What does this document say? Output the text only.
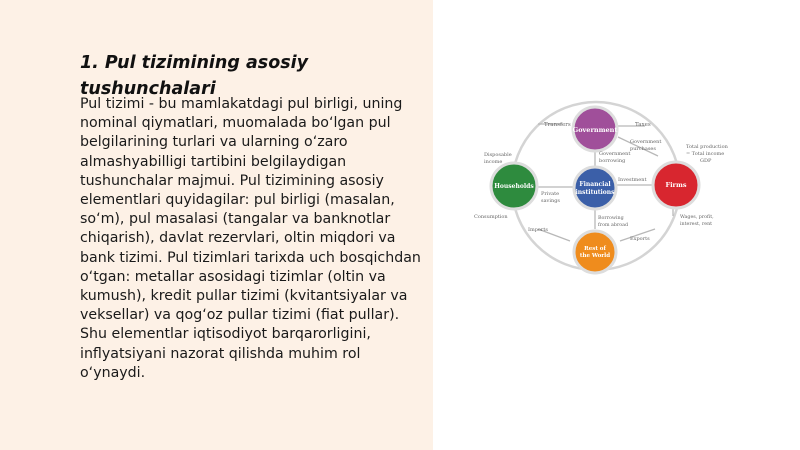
1. Pul tizimining asosiy tushunchalari

Pul tizimi - bu mamlakatdagi pul birligi, uning nominal qiymatlari, muomalada bo‘lgan pul belgilarining turlari va ularning o‘zaro almashyabilligi tartibini belgilaydigan tushunchalar majmui. Pul tizimining asosiy elementlari quyidagilar: pul birligi (masalan, so‘m), pul masalasi (tangalar va banknotlar chiqarish), davlat rezervlari, oltin miqdori va bank tizimi. Pul tizimlari tarixda uch bosqichdan o‘tgan: metallar asosidagi tizimlar (oltin va kumush), kredit pullar tizimi (kvitantsiyalar va veksellar) va qog‘oz pullar tizimi (fiat pullar). Shu elementlar iqtisodiyot barqarorligini, inflyatsiyani nazorat qilishda muhim rol o‘ynaydi.

Government
Households	Firms
Financial
institutions
Rest of
the World
Transfers	Taxes
Government
purchases
Disposable
income
Government
borrowing
Investment
Private
savings
Total production
= Total income
GDP
Consumption
Imports
Exports
Borrowing
from abroad
Wages, profit,
interest, rent
